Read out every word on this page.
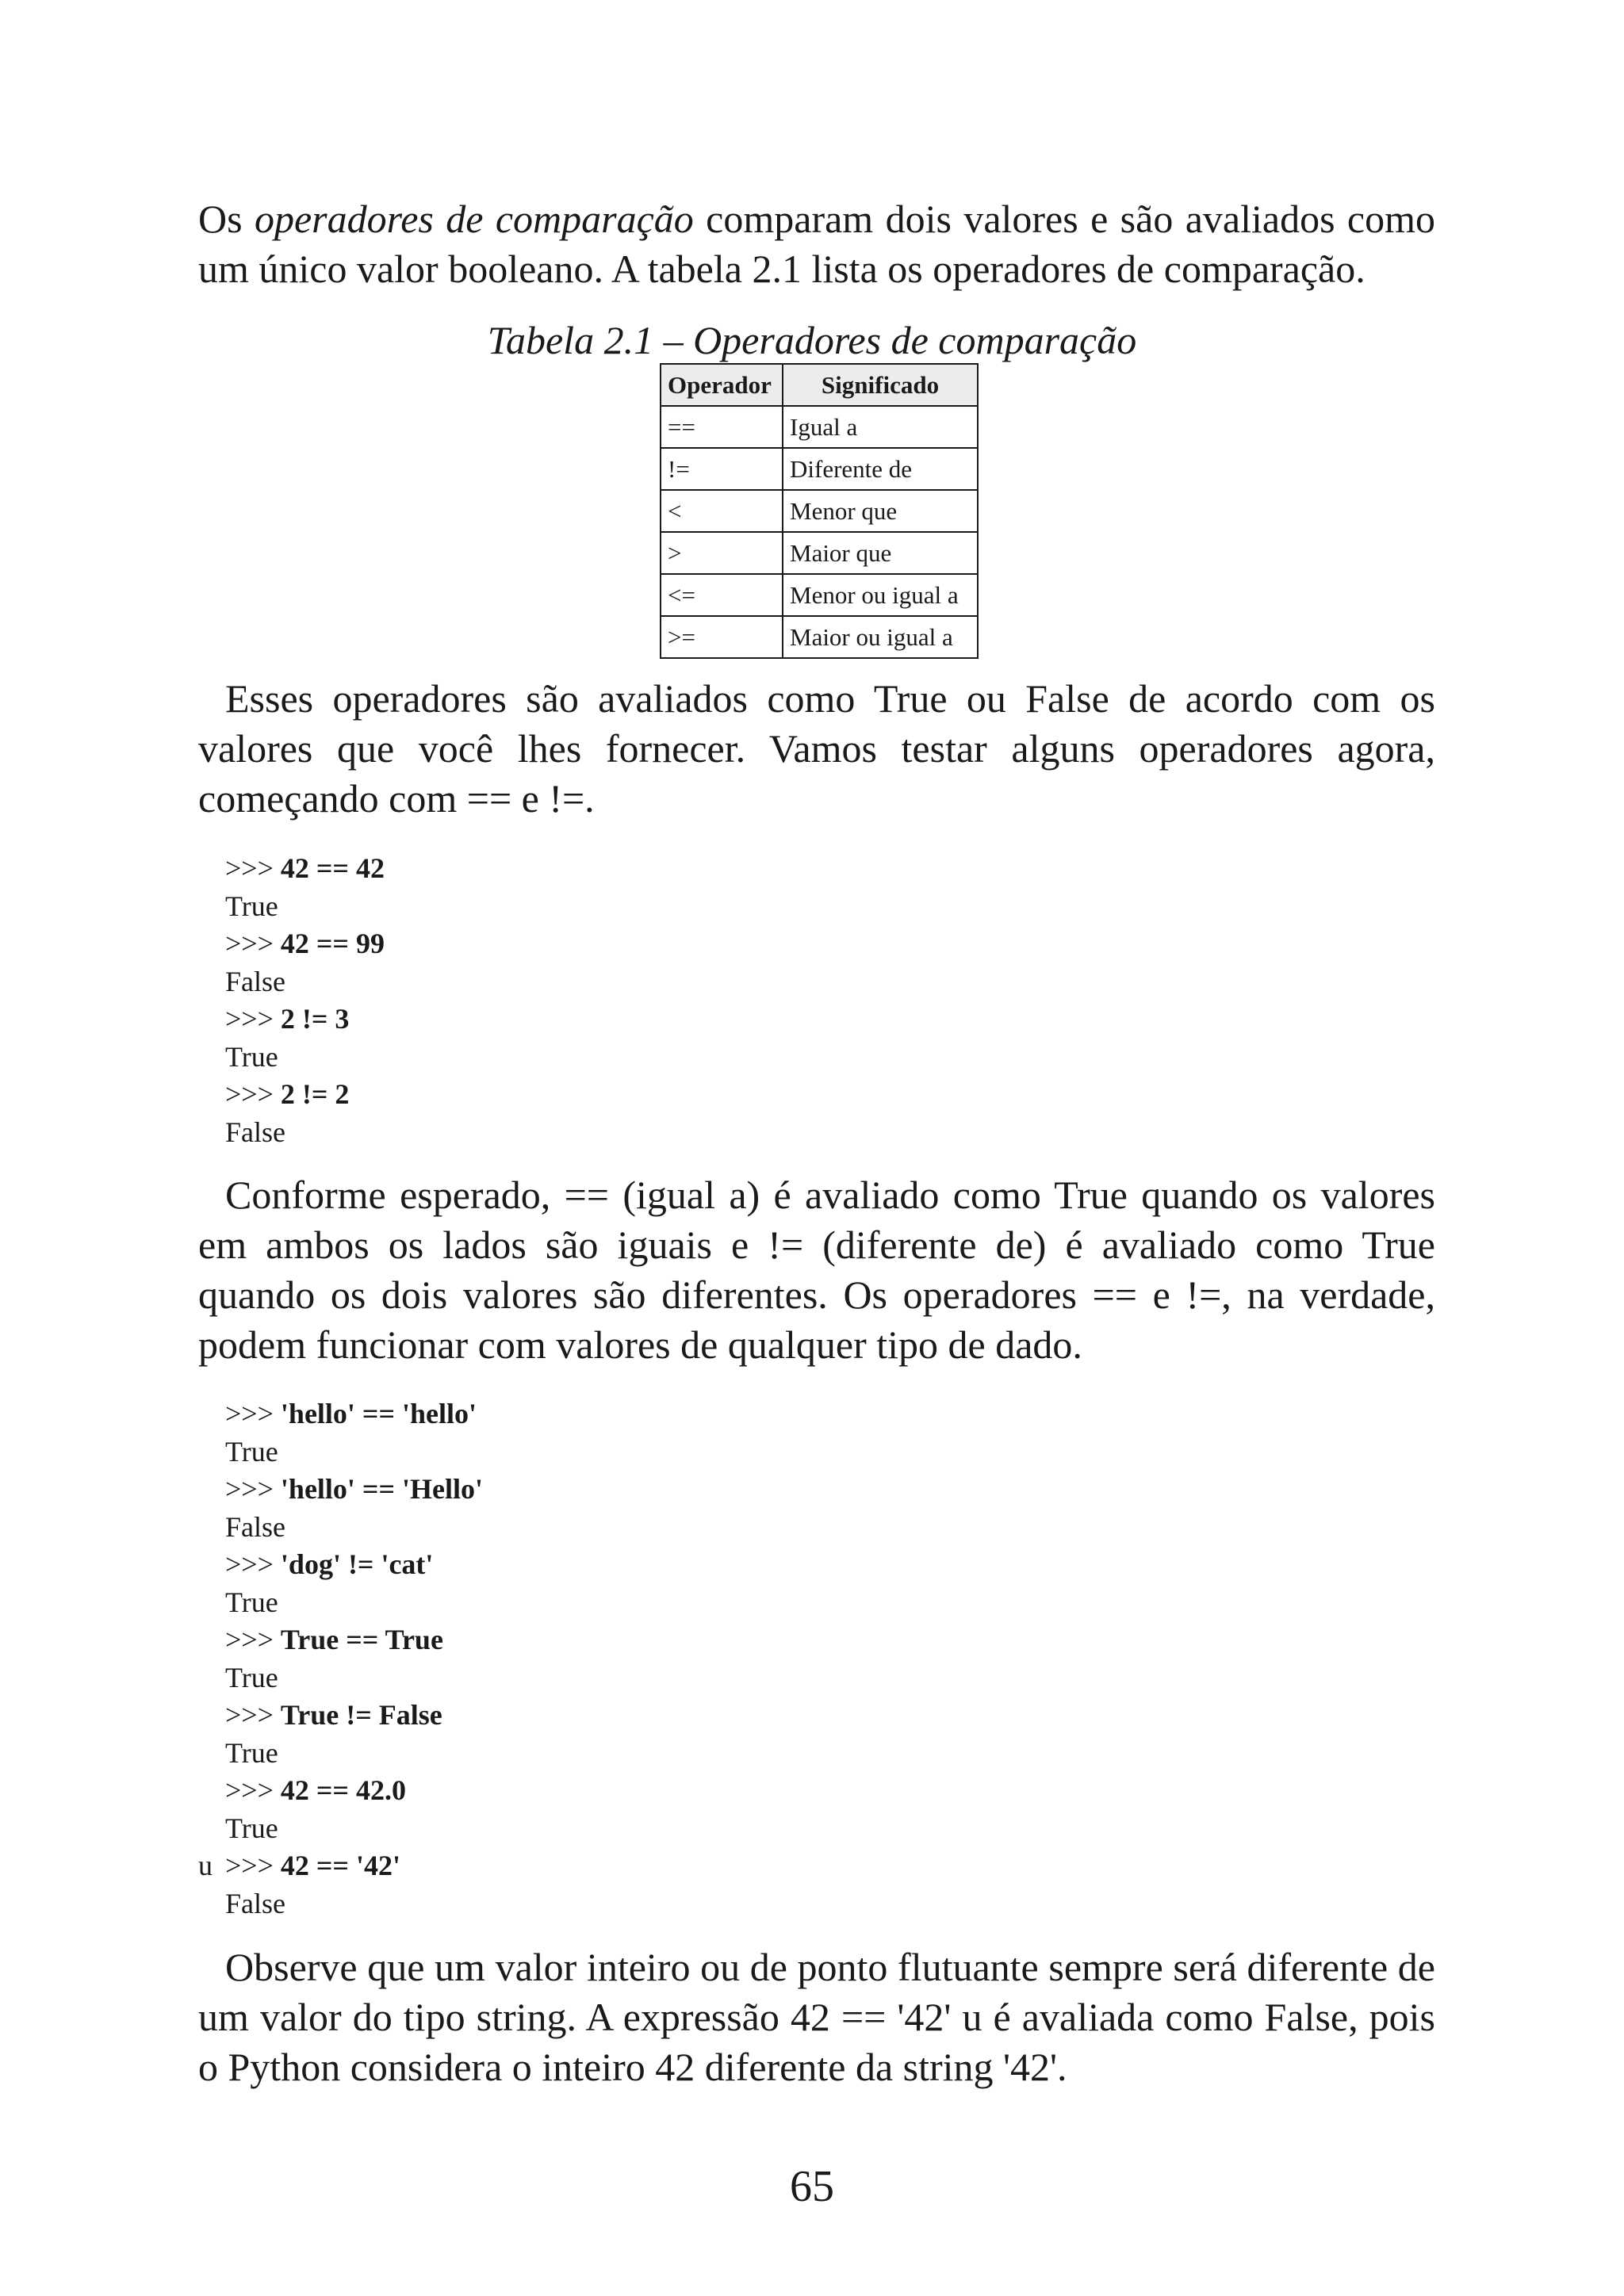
Os operadores de comparação comparam dois valores e são avaliados como um único valor booleano. A tabela 2.1 lista os operadores de comparação.

Tabela 2.1 – Operadores de comparação

Operador	Significado
==	Igual a
!=	Diferente de
<	Menor que
>	Maior que
<=	Menor ou igual a
>=	Maior ou igual a

Esses operadores são avaliados como True ou False de acordo com os valores que você lhes fornecer. Vamos testar alguns operadores agora, começando com == e !=.

>>> 42 == 42
True
>>> 42 == 99
False
>>> 2 != 3
True
>>> 2 != 2
False

Conforme esperado, == (igual a) é avaliado como True quando os valores em ambos os lados são iguais e != (diferente de) é avaliado como True quando os dois valores são diferentes. Os operadores == e !=, na verdade, podem funcionar com valores de qualquer tipo de dado.

>>> 'hello' == 'hello'
True
>>> 'hello' == 'Hello'
False
>>> 'dog' != 'cat'
True
>>> True == True
True
>>> True != False
True
>>> 42 == 42.0
True
>>> 42 == '42'
False
u

Observe que um valor inteiro ou de ponto flutuante sempre será diferente de um valor do tipo string. A expressão 42 == '42' u é avaliada como False, pois o Python considera o inteiro 42 diferente da string '42'.

65
